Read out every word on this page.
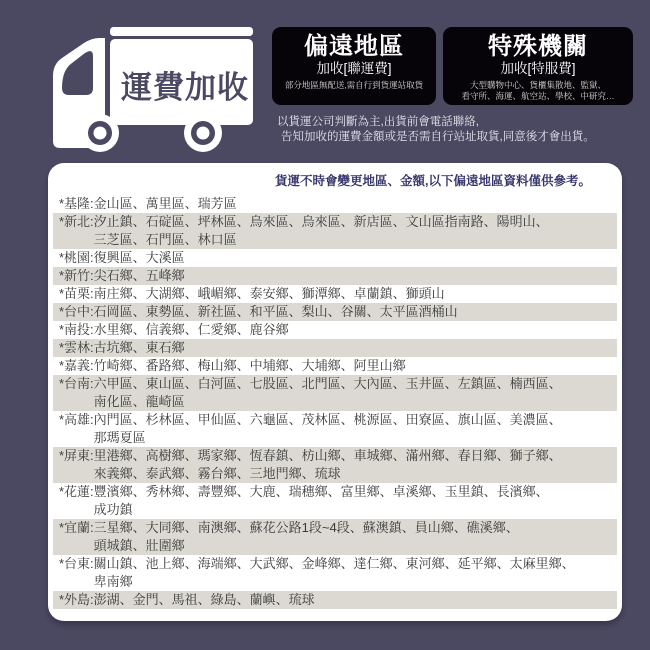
運費加收
偏遠地區
加收[聯運費]
部分地區無配送,需自行到貨運站取貨
特殊機關
加收[特服費]
大型購物中心、貨櫃集散地、監獄、
看守所、海運、航空站、學校、中研究…
以貨運公司判斷為主,出貨前會電話聯絡,
告知加收的運費金額或是否需自行站址取貨,同意後才會出貨。
貨運不時會變更地區、金額,以下偏遠地區資料僅供參考。
*基隆: 金山區、萬里區、瑞芳區
*新北: 汐止鎮、石碇區、坪林區、烏來區、烏來區、新店區、文山區指南路、陽明山、
三芝區、石門區、林口區
*桃園: 復興區、大溪區
*新竹: 尖石鄉、五峰鄉
*苗栗: 南庄鄉、大湖鄉、峨嵋鄉、泰安鄉、獅潭鄉、卓蘭鎮、獅頭山
*台中: 石岡區、東勢區、新社區、和平區、梨山、谷關、太平區酒桶山
*南投: 水里鄉、信義鄉、仁愛鄉、鹿谷鄉
*雲林: 古坑鄉、東石鄉
*嘉義: 竹崎鄉、番路鄉、梅山鄉、中埔鄉、大埔鄉、阿里山鄉
*台南: 六甲區、東山區、白河區、七股區、北門區、大內區、玉井區、左鎮區、楠西區、
南化區、龍崎區
*高雄: 內門區、杉林區、甲仙區、六龜區、茂林區、桃源區、田寮區、旗山區、美濃區、
那瑪夏區
*屏東: 里港鄉、高樹鄉、瑪家鄉、恆春鎮、枋山鄉、車城鄉、滿州鄉、春日鄉、獅子鄉、
來義鄉、泰武鄉、霧台鄉、三地門鄉、琉球
*花蓮: 豐濱鄉、秀林鄉、壽豐鄉、大鹿、瑞穗鄉、富里鄉、卓溪鄉、玉里鎮、長濱鄉、
成功鎮
*宜蘭: 三星鄉、大同鄉、南澳鄉、蘇花公路1段~4段、蘇澳鎮、員山鄉、礁溪鄉、
頭城鎮、壯圍鄉
*台東: 關山鎮、池上鄉、海端鄉、大武鄉、金峰鄉、達仁鄉、東河鄉、延平鄉、太麻里鄉、
卑南鄉
*外島: 澎湖、金門、馬祖、綠島、蘭嶼、琉球
